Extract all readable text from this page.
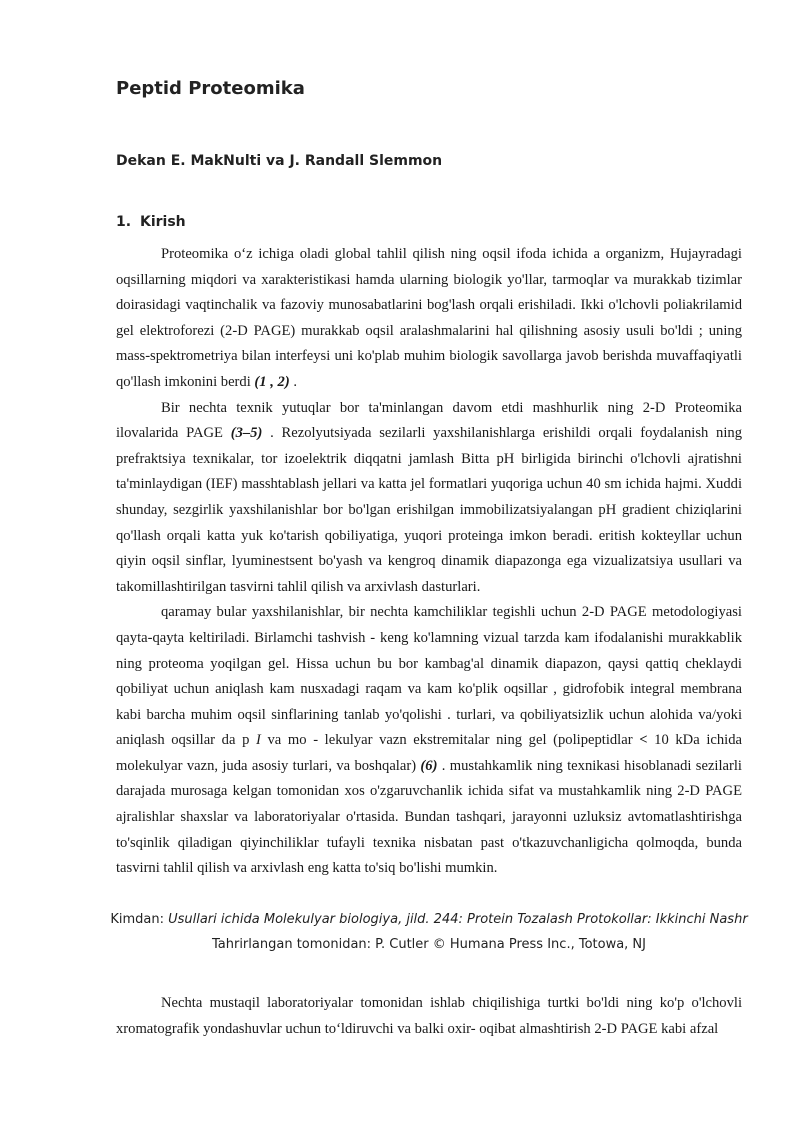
Peptid Proteomika
Dekan E. MakNulti va J. Randall Slemmon
1. Kirish

Proteomika o‘z ichiga oladi global tahlil qilish ning oqsil ifoda ichida a organizm, Hujayradagi oqsillarning miqdori va xarakteristikasi hamda ularning biologik yo'llar, tarmoqlar va murakkab tizimlar doirasidagi vaqtinchalik va fazoviy munosabatlarini bog'lash orqali erishiladi. Ikki o'lchovli poliakrilamid gel elektroforezi (2-D PAGE) murakkab oqsil aralashmalarini hal qilishning asosiy usuli bo'ldi ; uning mass-spektrometriya bilan interfeysi uni ko'plab muhim biologik savollarga javob berishda muvaffaqiyatli qo'llash imkonini berdi (1 , 2) .

Bir nechta texnik yutuqlar bor ta'minlangan davom etdi mashhurlik ning 2-D Proteomika ilovalarida PAGE (3–5) . Rezolyutsiyada sezilarli yaxshilanishlarga erishildi orqali foydalanish ning prefraktsiya texnikalar, tor izoelektrik diqqatni jamlash Bitta pH birligida birinchi o'lchovli ajratishni ta'minlaydigan (IEF) masshtablash jellari va katta jel formatlari yuqoriga uchun 40 sm ichida hajmi. Xuddi shunday, sezgirlik yaxshilanishlar bor bo'lgan erishilgan immobilizatsiyalangan pH gradient chiziqlarini qo'llash orqali katta yuk ko'tarish qobiliyatiga, yuqori proteinga imkon beradi. eritish kokteyllar uchun qiyin oqsil sinflar, lyuminestsent bo'yash va kengroq dinamik diapazonga ega vizualizatsiya usullari va takomillashtirilgan tasvirni tahlil qilish va arxivlash dasturlari.

qaramay bular yaxshilanishlar, bir nechta kamchiliklar tegishli uchun 2-D PAGE metodologiyasi qayta-qayta keltiriladi. Birlamchi tashvish - keng ko'lamning vizual tarzda kam ifodalanishi murakkablik ning proteoma yoqilgan gel. Hissa uchun bu bor kambag'al dinamik diapazon, qaysi qattiq cheklaydi qobiliyat uchun aniqlash kam nusxadagi raqam va kam ko'plik oqsillar , gidrofobik integral membrana kabi barcha muhim oqsil sinflarining tanlab yo'qolishi . turlari, va qobiliyatsizlik uchun alohida va/yoki aniqlash oqsillar da p I va mo - lekulyar vazn ekstremitalar ning gel (polipeptidlar < 10 kDa ichida molekulyar vazn, juda asosiy turlari, va boshqalar) (6) . mustahkamlik ning texnikasi hisoblanadi sezilarli darajada murosaga kelgan tomonidan xos o'zgaruvchanlik ichida sifat va mustahkamlik ning 2-D PAGE ajralishlar shaxslar va laboratoriyalar o'rtasida. Bundan tashqari, jarayonni uzluksiz avtomatlashtirishga to'sqinlik qiladigan qiyinchiliklar tufayli texnika nisbatan past o'tkazuvchanligicha qolmoqda, bunda tasvirni tahlil qilish va arxivlash eng katta to'siq bo'lishi mumkin.

Kimdan: Usullari ichida Molekulyar biologiya, jild. 244: Protein Tozalash Protokollar: Ikkinchi Nashr

Tahrirlangan tomonidan: P. Cutler © Humana Press Inc., Totowa, NJ

Nechta mustaqil laboratoriyalar tomonidan ishlab chiqilishiga turtki bo'ldi ning ko'p o'lchovli xromatografik yondashuvlar uchun to‘ldiruvchi va balki oxir- oqibat almashtirish 2-D PAGE kabi afzal
